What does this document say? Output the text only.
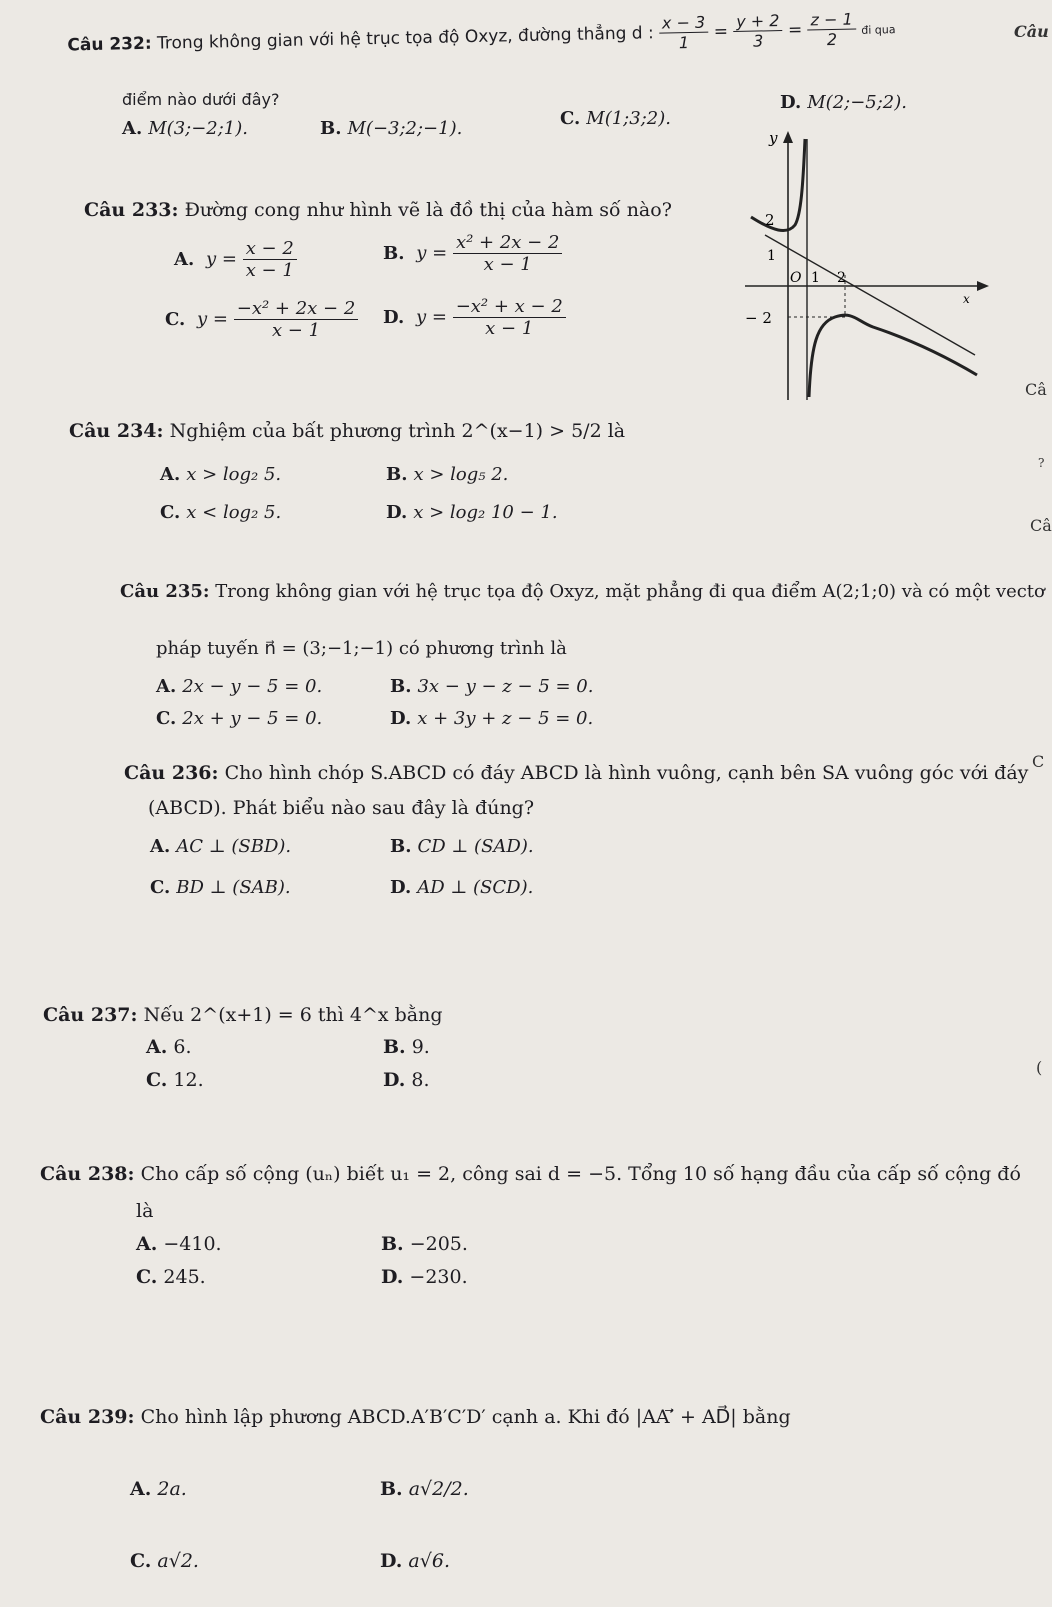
Câu 232: Trong không gian với hệ trục tọa độ Oxyz, đường thẳng d : $\frac{x - 3}{1} = \frac{y + 2}{3} = \frac{z - 1}{2}$ đi qua
điểm nào dưới đây?
A. M(3;−2;1).	B. M(−3;2;−1).	C. M(1;3;2).
D. M(2;−5;2).
Câu 233: Đường cong như hình vẽ là đồ thị của hàm số nào?
A. $y = \frac{x - 2}{x - 1}$	B. $y = \frac{\text{x² + 2x − 2}}{x - 1}$
C. $y = \frac{\text{−x² + 2x − 2}}{x - 1} D$. $y = \frac{\text{−x² + x − 2}}{x - 1}$
y
2
1
O 1 2
x
− 2
Câu 234: Nghiệm của bất phương trình 2^(x−1) > 5/2 là
A. x > log₂ 5.	B. x > log₅ 2.
C. x < log₂ 5.	D. x > log₂ 10 − 1.
Câu 235: Trong không gian với hệ trục tọa độ Oxyz, mặt phẳng đi qua điểm A(2;1;0) và có một vectơ
pháp tuyến n⃗ = (3;−1;−1) có phương trình là
A. 2x − y − 5 = 0.	B. 3x − y − z − 5 = 0.
C. 2x + y − 5 = 0.	D. x + 3y + z − 5 = 0.
Câu 236: Cho hình chóp S.ABCD có đáy ABCD là hình vuông, cạnh bên SA vuông góc với đáy
(ABCD). Phát biểu nào sau đây là đúng?
A. AC ⊥ (SBD).	B. CD ⊥ (SAD).
C. BD ⊥ (SAB).	D. AD ⊥ (SCD).
Câu 237: Nếu 2^(x+1) = 6 thì 4^x bằng
A. 6.	B. 9.
C. 12.	D. 8.
Câu 238: Cho cấp số cộng (uₙ) biết u₁ = 2, công sai d = −5. Tổng 10 số hạng đầu của cấp số cộng đó
là
A. −410.	B. −205.
C. 245.	D. −230.
Câu 239: Cho hình lập phương ABCD.A′B′C′D′ cạnh a. Khi đó |AA′⃗ + AD⃗| bằng
A. 2a.	B. a√2/2.
C. a√2.	D. a√6.
Câu
Câ
?
Câ
C
(
